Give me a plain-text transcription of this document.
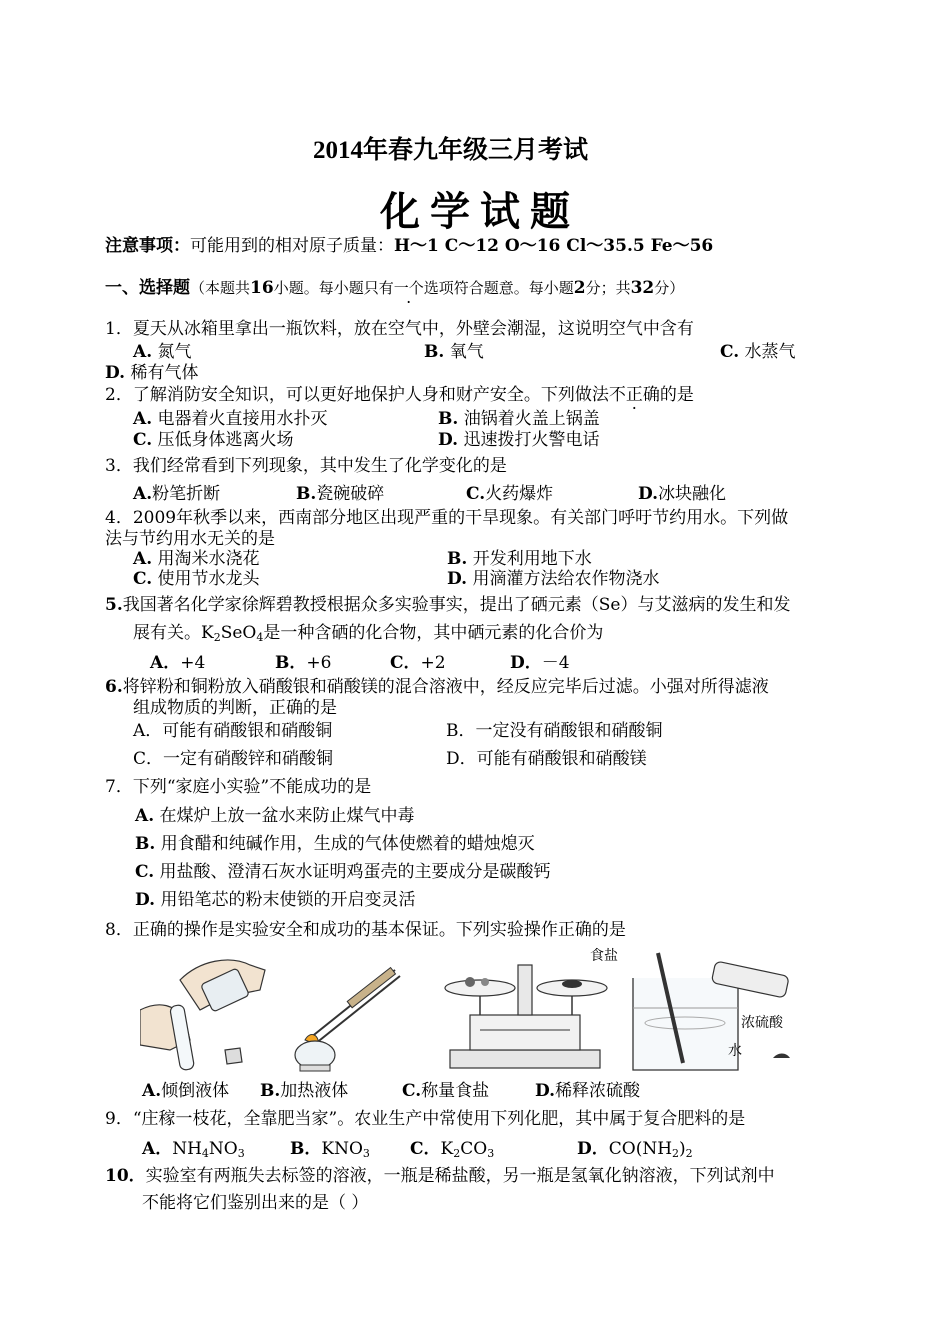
2014年春九年级三月考试
化学试题
注意事项：可能用到的相对原子质量：H～1 C～12 O～16 Cl～35.5 Fe～56
一、选择题（本题共16小题。每小题只有一个选项符合题意。每小题2分；共32分）
1．夏天从冰箱里拿出一瓶饮料，放在空气中，外壁会潮湿，这说明空气中含有
A. 氮气	B. 氧气	C. 水蒸气
D. 稀有气体
2．了解消防安全知识，可以更好地保护人身和财产安全。下列做法不正确的是
A. 电器着火直接用水扑灭	B. 油锅着火盖上锅盖
C. 压低身体逃离火场	D. 迅速拨打火警电话
3．我们经常看到下列现象，其中发生了化学变化的是
A.粉笔折断	B.瓷碗破碎	C.火药爆炸	D.冰块融化
4．2009年秋季以来，西南部分地区出现严重的干旱现象。有关部门呼吁节约用水。下列做
法与节约用水无关的是
A. 用淘米水浇花	B. 开发利用地下水
C. 使用节水龙头	D. 用滴灌方法给农作物浇水
5.我国著名化学家徐辉碧教授根据众多实验事实，提出了硒元素（Se）与艾滋病的发生和发
展有关。$K_2SeO_4$是一种含硒的化合物，其中硒元素的化合价为
A．+4	B．+6	C．+2	D．－4
6.将锌粉和铜粉放入硝酸银和硝酸镁的混合溶液中，经反应完毕后过滤。小强对所得滤液
组成物质的判断，正确的是
A．可能有硝酸银和硝酸铜	B．一定没有硝酸银和硝酸铜
C．一定有硝酸锌和硝酸铜	D．可能有硝酸银和硝酸镁
7．下列“家庭小实验”不能成功的是
A. 在煤炉上放一盆水来防止煤气中毒
B. 用食醋和纯碱作用，生成的气体使燃着的蜡烛熄灭
C. 用盐酸、澄清石灰水证明鸡蛋壳的主要成分是碳酸钙
D. 用铅笔芯的粉末使锁的开启变灵活
8．正确的操作是实验安全和成功的基本保证。下列实验操作正确的是
食盐
浓硫酸
水
A.倾倒液体 B.加热液体	C.称量食盐	D.稀释浓硫酸
9．“庄稼一枝花，全靠肥当家”。农业生产中常使用下列化肥，其中属于复合肥料的是
A．$NH_4NO_3$	B．$KNO_3$ C．$K_2CO_3$	D．$CO(NH_2)_2$
10．实验室有两瓶失去标签的溶液，一瓶是稀盐酸，另一瓶是氢氧化钠溶液，下列试剂中
不能将它们鉴别出来的是（ ）
